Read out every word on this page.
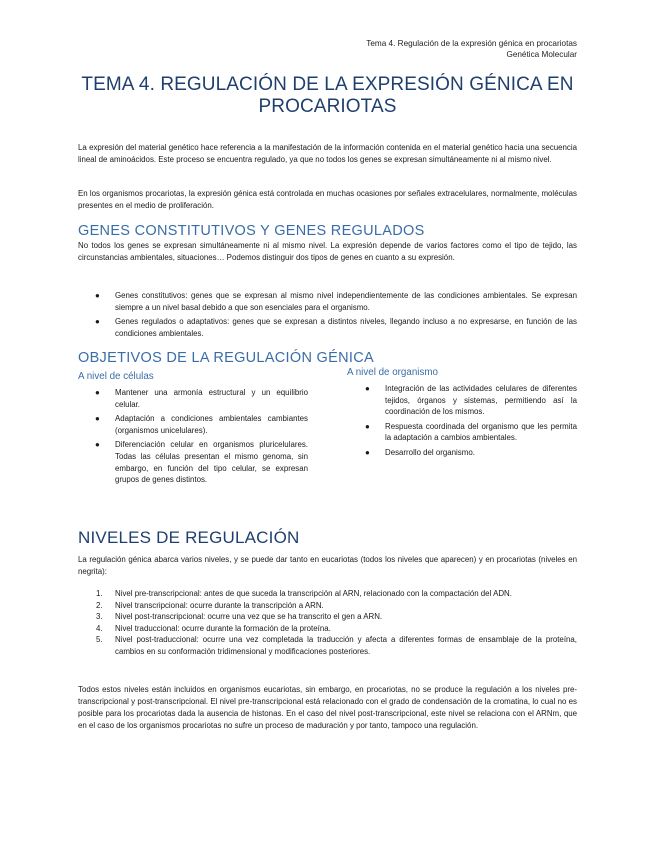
Tema 4. Regulación de la expresión génica en procariotas
Genética Molecular
TEMA 4. REGULACIÓN DE LA EXPRESIÓN GÉNICA EN PROCARIOTAS
La expresión del material genético hace referencia a la manifestación de la información contenida en el material genético hacia una secuencia lineal de aminoácidos. Este proceso se encuentra regulado, ya que no todos los genes se expresan simultáneamente ni al mismo nivel.
En los organismos procariotas, la expresión génica está controlada en muchas ocasiones por señales extracelulares, normalmente, moléculas presentes en el medio de proliferación.
GENES CONSTITUTIVOS Y GENES REGULADOS
No todos los genes se expresan simultáneamente ni al mismo nivel. La expresión depende de varios factores como el tipo de tejido, las circunstancias ambientales, situaciones… Podemos distinguir dos tipos de genes en cuanto a su expresión.
● Genes constitutivos: genes que se expresan al mismo nivel independientemente de las condiciones ambientales. Se expresan siempre a un nivel basal debido a que son esenciales para el organismo.
● Genes regulados o adaptativos: genes que se expresan a distintos niveles, llegando incluso a no expresarse, en función de las condiciones ambientales.
OBJETIVOS DE LA REGULACIÓN GÉNICA
A nivel de células
● Mantener una armonía estructural y un equilibrio celular.
● Adaptación a condiciones ambientales cambiantes (organismos unicelulares).
● Diferenciación celular en organismos pluricelulares. Todas las células presentan el mismo genoma, sin embargo, en función del tipo celular, se expresan grupos de genes distintos.
A nivel de organismo
● Integración de las actividades celulares de diferentes tejidos, órganos y sistemas, permitiendo así la coordinación de los mismos.
● Respuesta coordinada del organismo que les permita la adaptación a cambios ambientales.
● Desarrollo del organismo.
NIVELES DE REGULACIÓN
La regulación génica abarca varios niveles, y se puede dar tanto en eucariotas (todos los niveles que aparecen) y en procariotas (niveles en negrita):
1. Nivel pre-transcripcional: antes de que suceda la transcripción al ARN, relacionado con la compactación del ADN.
2. Nivel transcripcional: ocurre durante la transcripción a ARN.
3. Nivel post-transcripcional: ocurre una vez que se ha transcrito el gen a ARN.
4. Nivel traduccional: ocurre durante la formación de la proteína.
5. Nivel post-traduccional: ocurre una vez completada la traducción y afecta a diferentes formas de ensamblaje de la proteína, cambios en su conformación tridimensional y modificaciones posteriores.
Todos estos niveles están incluidos en organismos eucariotas, sin embargo, en procariotas, no se produce la regulación a los niveles pre-transcripcional y post-transcripcional. El nivel pre-transcripcional está relacionado con el grado de condensación de la cromatina, lo cual no es posible para los procariotas dada la ausencia de histonas. En el caso del nivel post-transcripcional, este nivel se relaciona con el ARNm, que en el caso de los organismos procariotas no sufre un proceso de maduración y por tanto, tampoco una regulación.
